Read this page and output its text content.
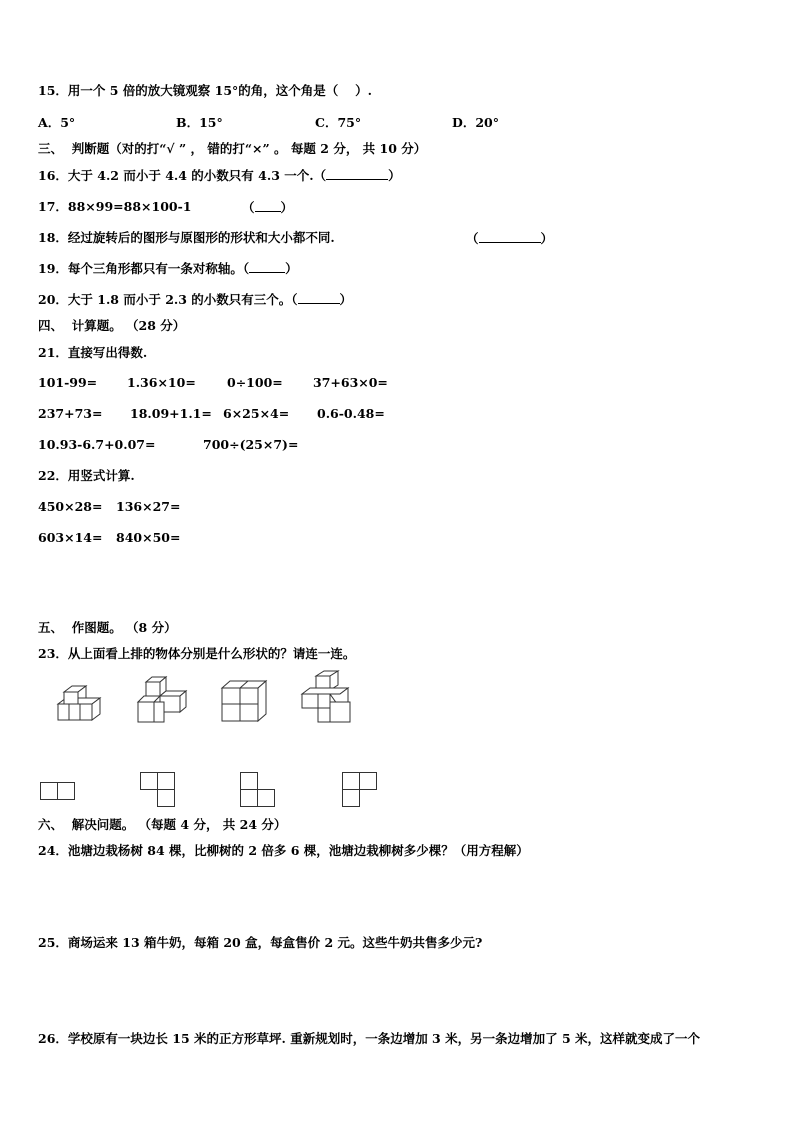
15．用一个 5 倍的放大镜观察 15°的角，这个角是（　 ）.
A．5°	B．15°	C．75°	D．20°
三、  判断题（对的打“√ ” ， 错的打“×” 。 每题 2 分， 共 10 分）
16．大于 4.2 而小于 4.4 的小数只有 4.3 一个.（	）
17．88×99=88×100-1	（ ）
18．经过旋转后的图形与原图形的形状和大小都不同.	（	）
19．每个三角形都只有一条对称轴。（	）
20．大于 1.8 而小于 2.3 的小数只有三个。（	）
四、  计算题。 （28 分）
21．直接写出得数.
101-99= 1.36×10= 0÷100= 37+63×0=
237+73= 18.09+1.1= 6×25×4= 0.6-0.48=
10.93-6.7+0.07=	700÷(25×7)=
22．用竖式计算.
450×28= 136×27=
603×14= 840×50=
五、  作图题。 （8 分）
23．从上面看上排的物体分别是什么形状的？请连一连。
六、  解决问题。 （每题 4 分， 共 24 分）
24．池塘边栽杨树 84 棵，比柳树的 2 倍多 6 棵，池塘边栽柳树多少棵？（用方程解）
25．商场运来 13 箱牛奶，每箱 20 盒，每盒售价 2 元。这些牛奶共售多少元?
26．学校原有一块边长 15 米的正方形草坪. 重新规划时，一条边增加 3 米，另一条边增加了 5 米，这样就变成了一个
